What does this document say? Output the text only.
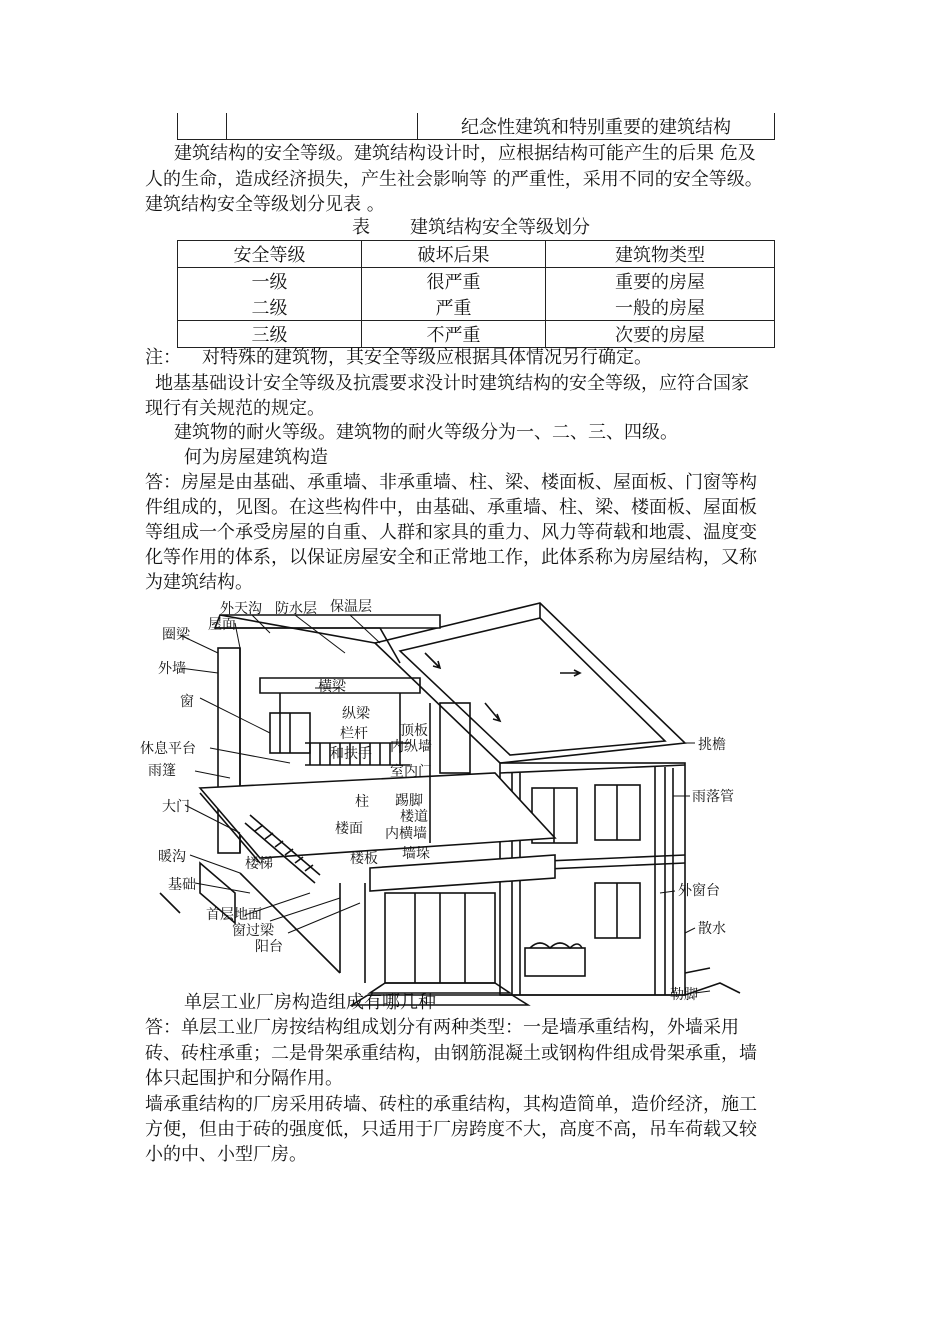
		纪念性建筑和特别重要的建筑结构
建筑结构的安全等级。建筑结构设计时，应根据结构可能产生的后果 危及
人的生命，造成经济损失，产生社会影响等 的严重性，采用不同的安全等级。
建筑结构安全等级划分见表 。
表 建筑结构安全等级划分
安全等级	破坏后果	建筑物类型
一级	很严重	重要的房屋
二级	严重	一般的房屋
三级	不严重	次要的房屋
注： 对特殊的建筑物，其安全等级应根据具体情况另行确定。
地基基础设计安全等级及抗震要求没计时建筑结构的安全等级，应符合国家
现行有关规范的规定。
建筑物的耐火等级。建筑物的耐火等级分为一、二、三、四级。
何为房屋建筑构造
答：房屋是由基础、承重墙、非承重墙、柱、梁、楼面板、屋面板、门窗等构
件组成的，见图。在这些构件中，由基础、承重墙、柱、梁、楼面板、屋面板
等组成一个承受房屋的自重、人群和家具的重力、风力等荷载和地震、温度变
化等作用的体系，以保证房屋安全和正常地工作，此体系称为房屋结构，又称
为建筑结构。
外天沟 防水层 保温层
圈梁
屋面
外墙
窗
横梁
纵梁
栏杆
和扶手
顶板
内纵墙
室内门
休息平台
雨篷
柱 踢脚
楼道
楼面 内横墙
大门
墙垛
暖沟	楼梯	楼板
基础
首层地面
窗过梁
阳台
挑檐
雨落管
外窗台
散水
勒脚
单层工业厂房构造组成有哪几种
答：单层工业厂房按结构组成划分有两种类型：一是墙承重结构，外墙采用
砖、砖柱承重；二是骨架承重结构，由钢筋混凝土或钢构件组成骨架承重，墙
体只起围护和分隔作用。
墙承重结构的厂房采用砖墙、砖柱的承重结构，其构造简单，造价经济，施工
方便，但由于砖的强度低，只适用于厂房跨度不大，高度不高，吊车荷载又较
小的中、小型厂房。
